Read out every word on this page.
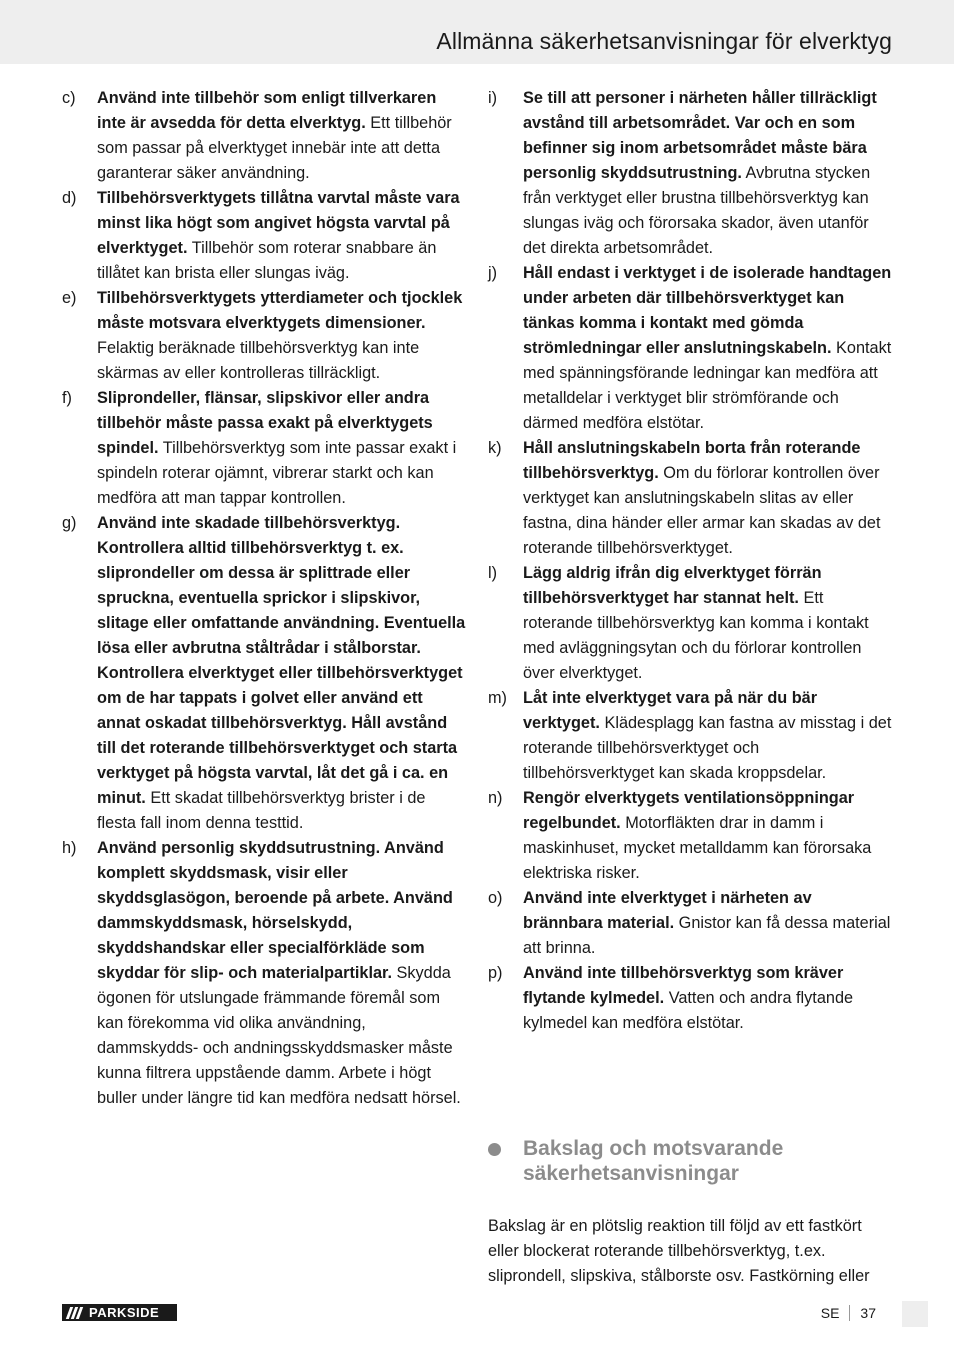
Allmänna säkerhetsanvisningar för elverktyg
c)	Använd inte tillbehör som enligt tillverkaren inte är avsedda för detta elverktyg. Ett tillbehör som passar på elverktyget innebär inte att detta garanterar säker användning.
d)	Tillbehörsverktygets tillåtna varvtal måste vara minst lika högt som angivet högsta varvtal på elverktyget. Tillbehör som roterar snabbare än tillåtet kan brista eller slungas iväg.
e)	Tillbehörsverktygets ytterdiameter och tjocklek måste motsvara elverktygets dimensioner. Felaktig beräknade tillbehörsverktyg kan inte skärmas av eller kontrolleras tillräckligt.
f)	Sliprondeller, flänsar, slipskivor eller andra tillbehör måste passa exakt på elverktygets spindel. Tillbehörsverktyg som inte passar exakt i spindeln roterar ojämnt, vibrerar starkt och kan medföra att man tappar kontrollen.
g)	Använd inte skadade tillbehörsverktyg. Kontrollera alltid tillbehörsverktyg t. ex. sliprondeller om dessa är splittrade eller spruckna, eventuella sprickor i slipskivor, slitage eller omfattande användning. Eventuella lösa eller avbrutna ståltrådar i stålborstar. Kontrollera elverktyget eller tillbehörsverktyget om de har tappats i golvet eller använd ett annat oskadat tillbehörsverktyg. Håll avstånd till det roterande tillbehörsverktyget och starta verktyget på högsta varvtal, låt det gå i ca. en minut. Ett skadat tillbehörsverktyg brister i de flesta fall inom denna testtid.
h)	Använd personlig skyddsutrustning. Använd komplett skyddsmask, visir eller skyddsglasögon, beroende på arbete. Använd dammskyddsmask, hörselskydd, skyddshandskar eller specialförkläde som skyddar för slip- och materialpartiklar. Skydda ögonen för utslungade främmande föremål som kan förekomma vid olika användning, dammskydds- och andningsskyddsmasker måste kunna filtrera uppstående damm. Arbete i högt buller under längre tid kan medföra nedsatt hörsel.
i)	Se till att personer i närheten håller tillräckligt avstånd till arbetsområdet. Var och en som befinner sig inom arbetsområdet måste bära personlig skyddsutrustning. Avbrutna stycken från verktyget eller brustna tillbehörsverktyg kan slungas iväg och förorsaka skador, även utanför det direkta arbetsområdet.
j)	Håll endast i verktyget i de isolerade handtagen under arbeten där tillbehörsverktyget kan tänkas komma i kontakt med gömda strömledningar eller anslutningskabeln. Kontakt med spänningsförande ledningar kan medföra att metalldelar i verktyget blir strömförande och därmed medföra elstötar.
k)	Håll anslutningskabeln borta från roterande tillbehörsverktyg. Om du förlorar kontrollen över verktyget kan anslutningskabeln slitas av eller fastna, dina händer eller armar kan skadas av det roterande tillbehörsverktyget.
l)	Lägg aldrig ifrån dig elverktyget förrän tillbehörsverktyget har stannat helt. Ett roterande tillbehörsverktyg kan komma i kontakt med avläggningsytan och du förlorar kontrollen över elverktyget.
m) Låt inte elverktyget vara på när du bär verktyget. Klädesplagg kan fastna av misstag i det roterande tillbehörsverktyget och tillbehörsverktyget kan skada kroppsdelar.
n)	Rengör elverktygets ventilationsöppningar regelbundet. Motorfläkten drar in damm i maskinhuset, mycket metalldamm kan förorsaka elektriska risker.
o)	Använd inte elverktyget i närheten av brännbara material. Gnistor kan få dessa material att brinna.
p)	Använd inte tillbehörsverktyg som kräver flytande kylmedel. Vatten och andra flytande kylmedel kan medföra elstötar.
Bakslag och motsvarande säkerhetsanvisningar
Bakslag är en plötslig reaktion till följd av ett fastkört eller blockerat roterande tillbehörsverktyg, t.ex. sliprondell, slipskiva, stålborste osv. Fastkörning eller
PARKSIDE	SE 37
